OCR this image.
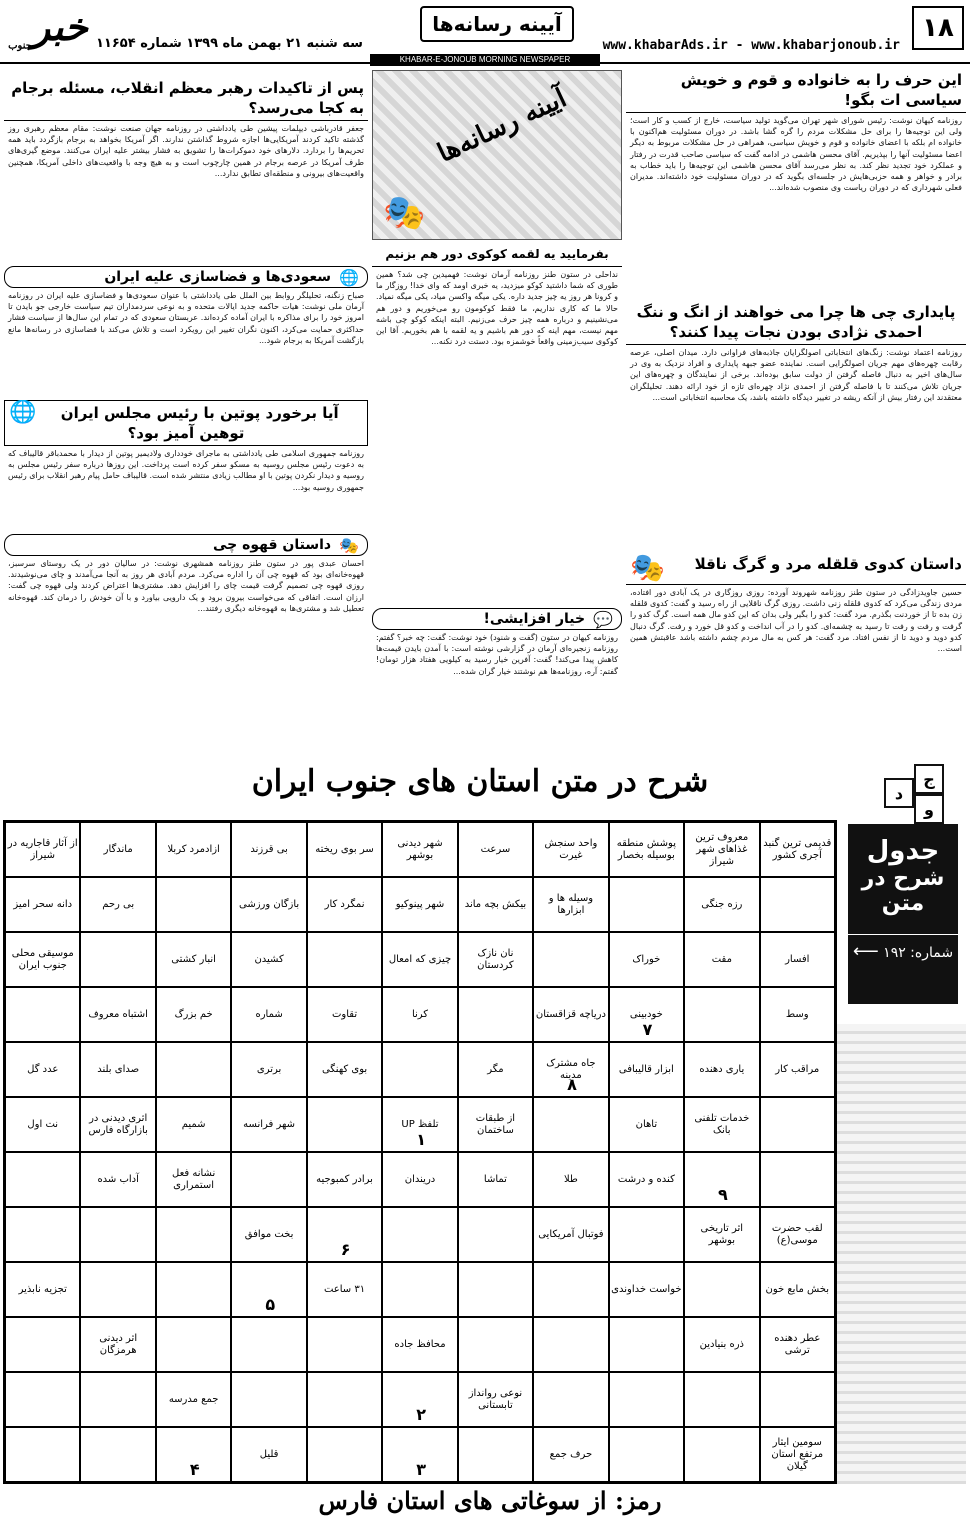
۱۸
www.khabarAds.ir - www.khabarjonoub.ir
آیینه رسانه‌ها
خبر$_{جنوب}$	سه شنبه ۲۱ بهمن ماه ۱۳۹۹ شماره ۱۱۶۵۴
KHABAR-E-JONOUB MORNING NEWSPAPER
این حرف را به خانواده و قوم و خویش سیاسی ات بگو!
روزنامه کیهان نوشت: رئیس شورای شهر تهران می‌گوید تولید سیاست، خارج از کسب و کار است؛ ولی این توجیه‌ها را برای حل مشکلات مردم را گره گشا باشد. در دوران مسئولیت هم‌اکنون با خانواده ام بلکه با اعضای خانواده و قوم و خویش سیاسی، همراهی در حل مشکلات مربوط به دیگر اعضا مسئولیت آنها را بپذیریم. آقای محسن هاشمی در ادامه گفت که سیاسی صاحب قدرت در رفتار و عملکرد خود تجدید نظر کند. به نظر می‌رسد آقای محسن هاشمی این توجیه‌ها را باید خطاب به برادر و خواهر و همه حزبی‌هایش در جلسه‌ای بگوید که در دوران مسئولیت خود داشته‌اند. مدیران فعلی شهرداری که در دوران ریاست وی منصوب شده‌اند...
پایداری چی ها چرا می خواهند از انگ و ننگ احمدی نژادی بودن نجات پیدا کنند؟
روزنامه اعتماد نوشت: زنگ‌های انتخاباتی اصولگرایان جاذبه‌های فراوانی دارد. میدان اصلی، عرصه رقابت چهره‌های مهم جریان اصولگرایی است. نماینده عضو جبهه پایداری و افراد نزدیک به وی در سال‌های اخیر به دنبال فاصله گرفتن از دولت سابق بوده‌اند. برخی از نمایندگان و چهره‌های این جریان تلاش می‌کنند تا با فاصله گرفتن از احمدی نژاد چهره‌ای تازه از خود ارائه دهند. تحلیلگران معتقدند این رفتار بیش از آنکه ریشه در تغییر دیدگاه داشته باشد، یک محاسبه انتخاباتی است...
داستان کدوی قلقله مرد و گرگ ناقلا
🎭
حسین جاویدزادگی در ستون طنز روزنامه شهروند آورده: روزی روزگاری در یک آبادی دور افتاده، مردی زندگی می‌کرد که کدوی قلقله زنی داشت. روزی گرگ ناقلایی از راه رسید و گفت: کدوی قلقله زن بده تا از خوردنت بگذرم. مرد گفت: کدو را بگیر ولی بدان که این کدو مال همه است. گرگ کدو را گرفت و رفت و رفت تا رسید به چشمه‌ای. کدو را در آب انداخت و کدو قل خورد و رفت. گرگ دنبال کدو دوید و دوید تا از نفس افتاد. مرد گفت: هر کس به مال مردم چشم داشته باشد عاقبتش همین است...
آیینه رسانه‌ها
🎭
بفرمایید یه لقمه کوکوی دور هم بزنیم
نداحلی در ستون طنز روزنامه آرمان نوشت: فهمیدین چی شد؟ همین طوری که شما داشتید کوکو میزدید، یه خبری اومد که وای خدا! روزگار ما و کرونا هر روز یه چیز جدید داره. یکی میگه واکسن میاد، یکی میگه نمیاد. حالا ما که کاری نداریم، ما فقط کوکومون رو می‌خوریم و دور هم می‌نشینیم و درباره همه چیز حرف می‌زنیم. البته اینکه کوکو چی باشه مهم نیست، مهم اینه که دور هم باشیم و یه لقمه با هم بخوریم. آقا این کوکوی سیب‌زمینی واقعاً خوشمزه بود. دستت درد نکنه...
💬
خیار افزایشی!
روزنامه کیهان در ستون (گفت و شنود) خود نوشت: گفت: چه خبر؟ گفتم: روزنامه زنجیره‌ای آرمان در گزارشی نوشته است: با آمدن بایدن قیمت‌ها کاهش پیدا می‌کند! گفت: آفرین خیار رسید به کیلویی هفتاد هزار تومان! گفتم: آره، روزنامه‌ها هم نوشتند خیار گران شده...
پس از تاکیدات رهبر معظم انقلاب، مسئله برجام به کجا می‌رسد؟
جعفر قادرباشی دیپلمات پیشین طی یادداشتی در روزنامه جهان صنعت نوشت: مقام معظم رهبری روز گذشته تاکید کردند آمریکایی‌ها اجازه شروط گذاشتن ندارند. اگر آمریکا بخواهد به برجام بازگردد باید همه تحریم‌ها را بردارد. دلارهای خود دموکرات‌ها را تشویق به فشار بیشتر علیه ایران می‌کنند. موضع گیری‌های طرف آمریکا در عرصه برجام در همین چارچوب است و به هیچ وجه با واقعیت‌های داخلی آمریکا، همچنین واقعیت‌های بیرونی و منطقه‌ای تطابق ندارد...
🌐
سعودی‌ها و فضاسازی علیه ایران
صباح زنگنه، تحلیلگر روابط بین الملل طی یادداشتی با عنوان سعودی‌ها و فضاسازی علیه ایران در روزنامه آرمان ملی نوشت: هیات حاکمه جدید ایالات متحده و به نوعی سردمداران تیم سیاست خارجی جو بایدن تا امروز خود را برای مذاکره با ایران آماده کرده‌اند. عربستان سعودی که در تمام این سال‌ها از سیاست فشار حداکثری حمایت می‌کرد، اکنون نگران تغییر این رویکرد است و تلاش می‌کند با فضاسازی در رسانه‌ها مانع بازگشت آمریکا به برجام شود...
🌐 آیا برخورد پوتین با رئیس مجلس ایران توهین آمیز بود؟
روزنامه جمهوری اسلامی طی یادداشتی به ماجرای خودداری ولادیمیر پوتین از دیدار با محمدباقر قالیباف که به دعوت رئیس مجلس روسیه به مسکو سفر کرده است پرداخت. این روزها درباره سفر رئیس مجلس به روسیه و دیدار نکردن پوتین با او مطالب زیادی منتشر شده است. قالیباف حامل پیام رهبر انقلاب برای رئیس جمهوری روسیه بود...
🎭
داستان قهوه چی
احسان عبدی پور در ستون طنز روزنامه همشهری نوشت: در سالیان دور در یک روستای سرسبز، قهوه‌خانه‌ای بود که قهوه چی آن را اداره می‌کرد. مردم آبادی هر روز به آنجا می‌آمدند و چای می‌نوشیدند. روزی قهوه چی تصمیم گرفت قیمت چای را افزایش دهد. مشتری‌ها اعتراض کردند ولی قهوه چی گفت: ارزان است. اتفاقی که می‌خواست بیرون برود و یک دارویی بیاورد و با آن خودش را درمان کند. قهوه‌خانه تعطیل شد و مشتری‌ها به قهوه‌خانه دیگری رفتند...
شرح در متن استان های جنوب ایران	ج
د
و
جدول
شرح در متن
شماره: ۱۹۲ ⟵
قدیمی ترین گنبد آجری کشور
معروف ترین غذاهای شهر شیراز
پوشش منطقه بوسیله بخصار
واحد سنجش غیرت
سرعت
شهر دیدنی بوشهر
سر بوی ریخته
بی قرزند
ازادمرد کربلا
ماندگار
از آثار قاجاریه در شیراز
افسار
وسط
مراقب کار
لقب حضرت موسی(ع)
بخش مایع خون
عطر دهنده ترشی
سومین ایثار مرتفع استان گیلان
رزه جنگی
شهر پینوکیو
بی رحم
نان نازک کردستان
انبار کشتی
دریاچه قزاقستان
شماره
ابزار قالیبافی
بوی کهنگی
عدد گل
خدمات تلفنی بانک
تلفظ UP
اثری دیدنی در بازارگاه فارس
تماشا
نشانه فعل استمراری
فوتبال آمریکایی
بخت موافق
خواست خداوندی
۳۱ ساعت
تجزیه نابذیر
ذره بنیادین
محافظ جاده
اثر دیدنی هرمزگان
نوعی روانداز تابستانی
جمع مدرسه
حرف جمع
قلیل
وسیله ها و ابزارها
بیکش بچه ماند
نمگرد کار
بازگان ورزشی
دانه سحر امیز
مقت
خوراک
چیزی که امعال
کشیدن
موسیقی محلی جنوب ایران
خودبینی
کرنا
تقاوت
خم بزرگ
اشتباه معروف
یاری دهنده
جاه مشترک مدینه
مگر
برتری
صدای بلند
تاهان
از طبقات ساختمان
شهر فرانسه
شمیم
نت اول
کنده و درشت
طلا
دریندان
برادر کمبوجیه
آداب شده
اثر تاریخی بوشهر
۱
۲
۳
۴
۵
۶
۷
۸
۹
رمز: از سوغاتی های استان فارس
